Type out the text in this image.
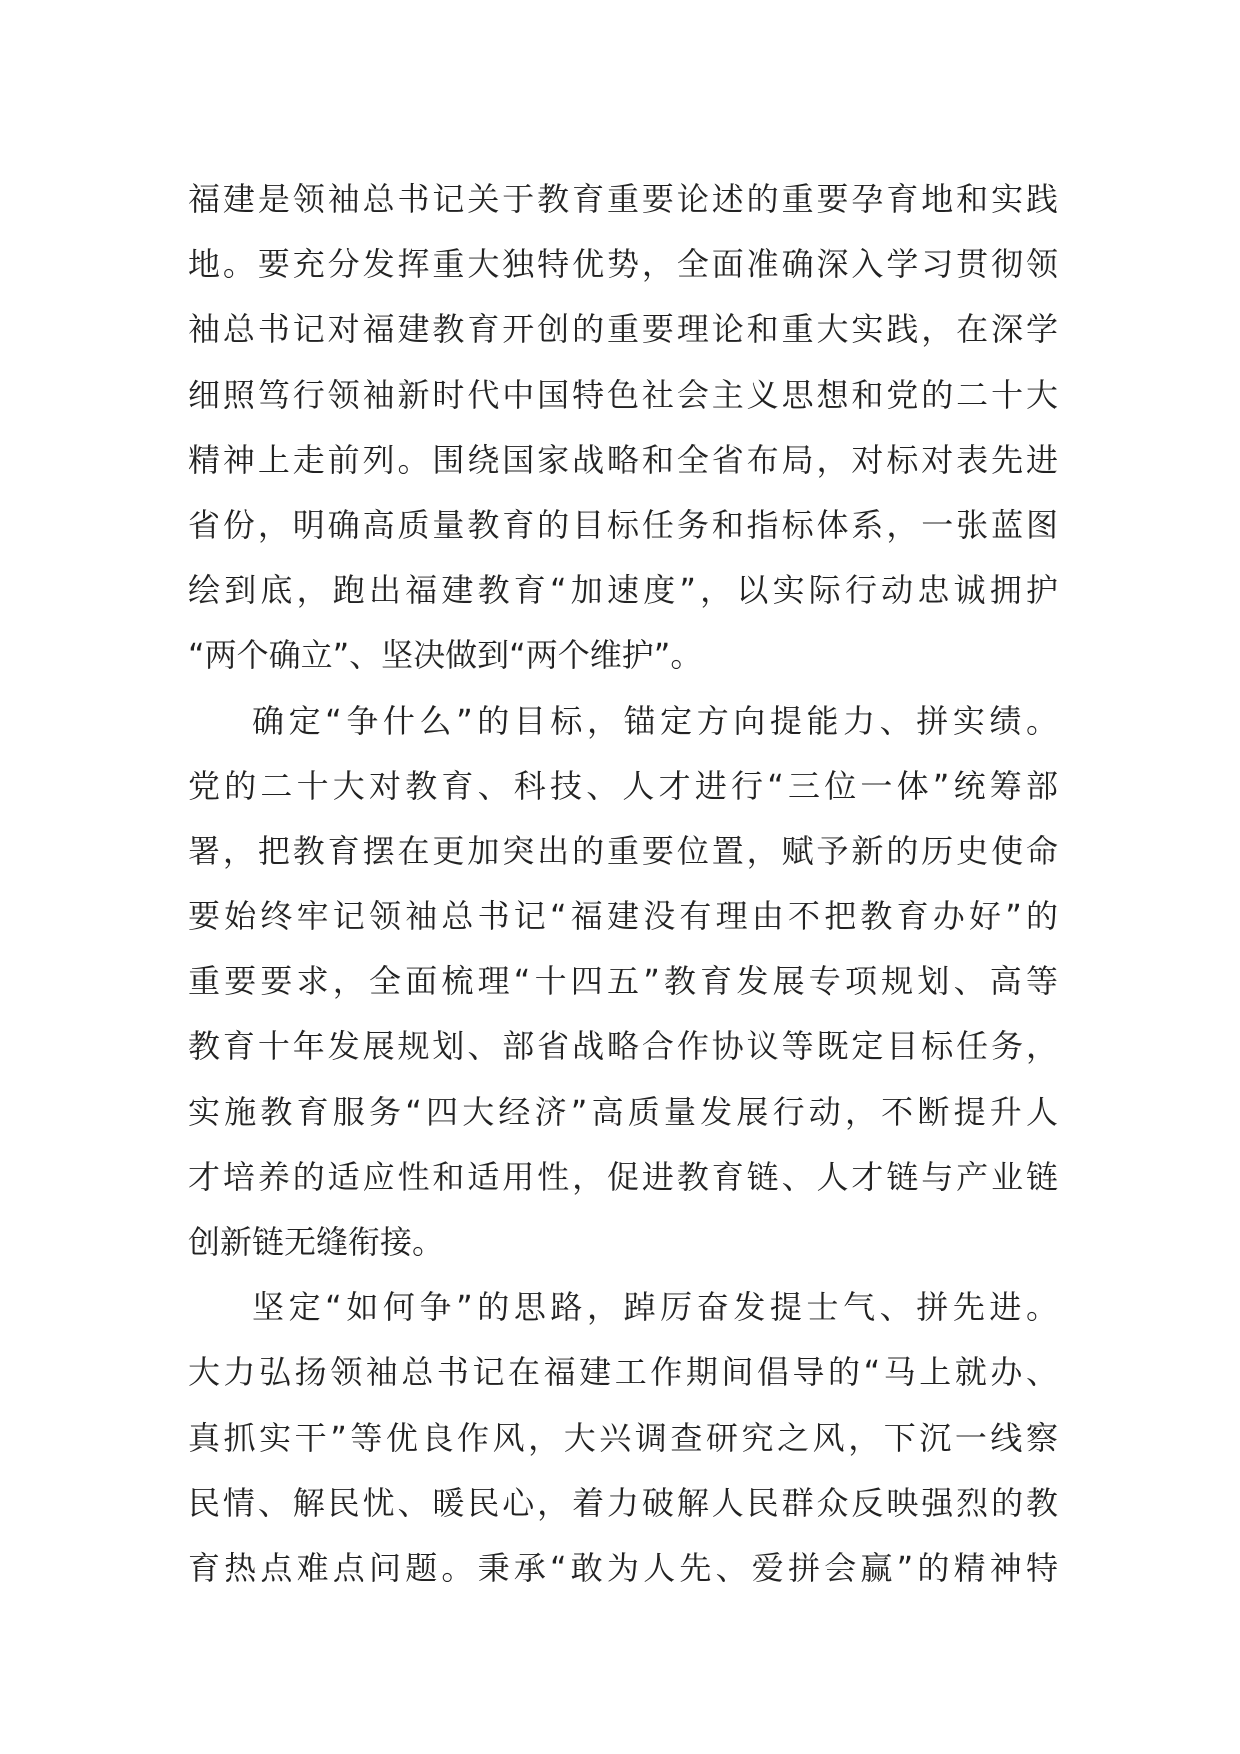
福建是领袖总书记关于教育重要论述的重要孕育地和实践
地。要充分发挥重大独特优势，全面准确深入学习贯彻领
袖总书记对福建教育开创的重要理论和重大实践，在深学
细照笃行领袖新时代中国特色社会主义思想和党的二十大
精神上走前列。围绕国家战略和全省布局，对标对表先进
省份，明确高质量教育的目标任务和指标体系，一张蓝图
绘到底，跑出福建教育“加速度”，以实际行动忠诚拥护
“两个确立”、坚决做到“两个维护”。
确定“争什么”的目标，锚定方向提能力、拼实绩。
党的二十大对教育、科技、人才进行“三位一体”统筹部
署，把教育摆在更加突出的重要位置，赋予新的历史使命
要始终牢记领袖总书记“福建没有理由不把教育办好”的
重要要求，全面梳理“十四五”教育发展专项规划、高等
教育十年发展规划、部省战略合作协议等既定目标任务，
实施教育服务“四大经济”高质量发展行动，不断提升人
才培养的适应性和适用性，促进教育链、人才链与产业链
创新链无缝衔接。
坚定“如何争”的思路，踔厉奋发提士气、拼先进。
大力弘扬领袖总书记在福建工作期间倡导的“马上就办、
真抓实干”等优良作风，大兴调查研究之风，下沉一线察
民情、解民忧、暖民心，着力破解人民群众反映强烈的教
育热点难点问题。秉承“敢为人先、爱拼会赢”的精神特
